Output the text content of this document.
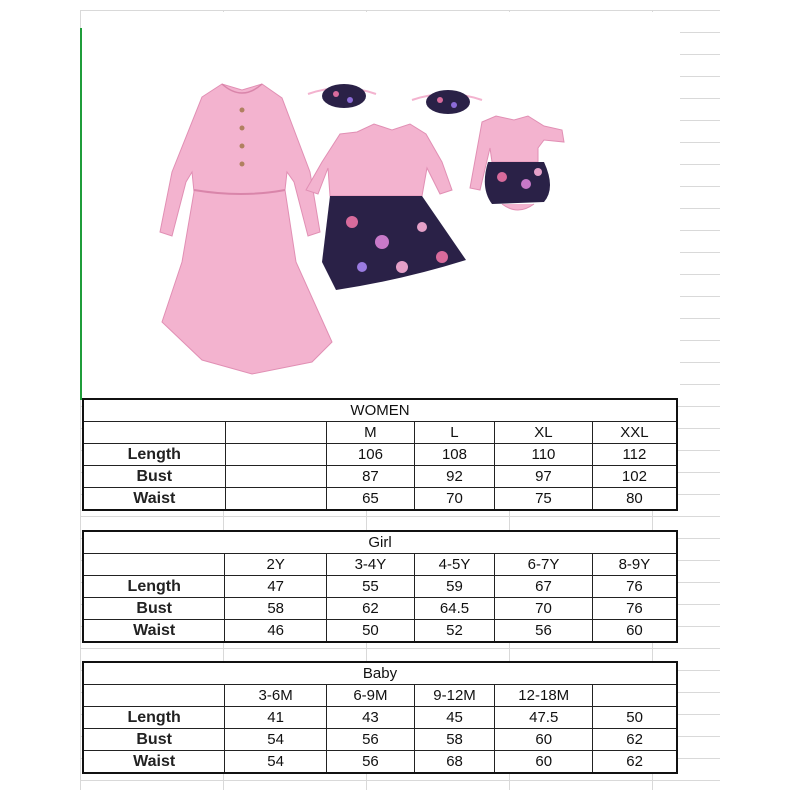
WOMEN					
		M	L	XL	XXL
Length		106	108	110	112
Bust		87	92	97	102
Waist		65	70	75	80
Girl					
	2Y	3-4Y	4-5Y	6-7Y	8-9Y
Length	47	55	59	67	76
Bust	58	62	64.5	70	76
Waist	46	50	52	56	60
Baby					
	3-6M	6-9M	9-12M	12-18M	
Length	41	43	45	47.5	50
Bust	54	56	58	60	62
Waist	54	56	68	60	62
